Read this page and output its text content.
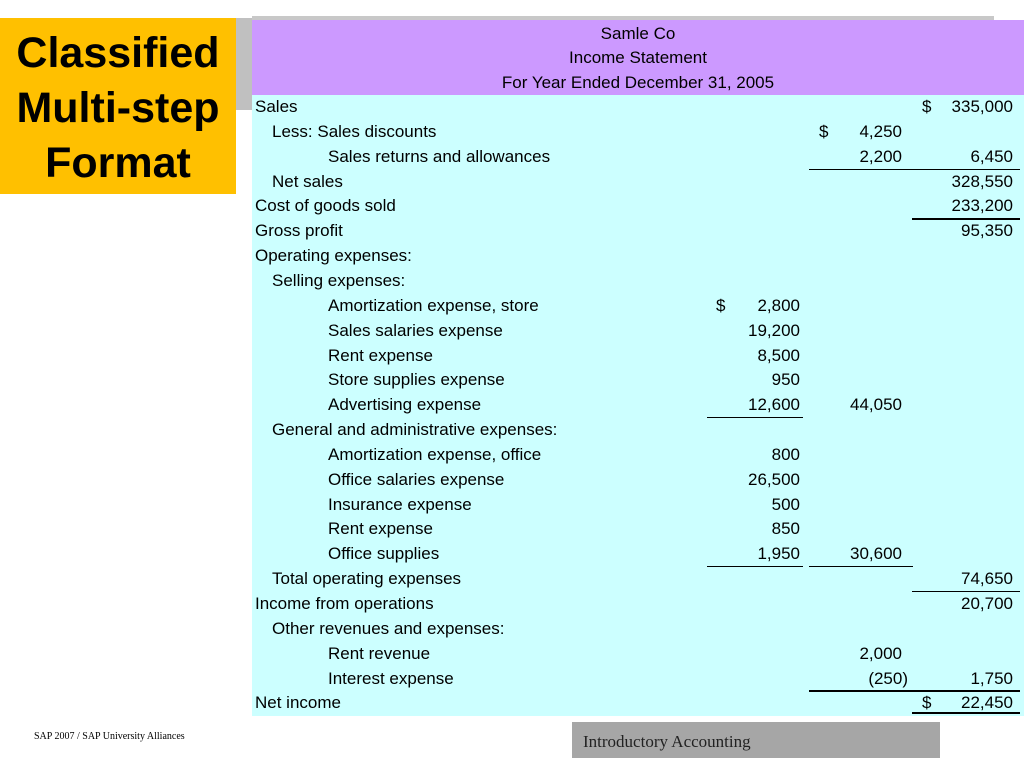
Classified
Multi-step
Format
Samle Co
Income Statement
For Year Ended December 31, 2005
Sales	$ 335,000
Less: Sales discounts	$ 4,250
Sales returns and allowances	2,200	6,450
Net sales	328,550
Cost of goods sold	233,200
Gross profit	95,350
Operating expenses:
Selling expenses:
Amortization expense, store	$ 2,800
Sales salaries expense	19,200
Rent expense	8,500
Store supplies expense	950
Advertising expense	12,600	44,050
General and administrative expenses:
Amortization expense, office	800
Office salaries expense	26,500
Insurance expense	500
Rent expense	850
Office supplies	1,950	30,600
Total operating expenses	74,650
Income from operations	20,700
Other revenues and expenses:
Rent revenue	2,000
Interest expense	(250)	1,750
Net income	$ 22,450
SAP 2007 / SAP University Alliances	Introductory Accounting
